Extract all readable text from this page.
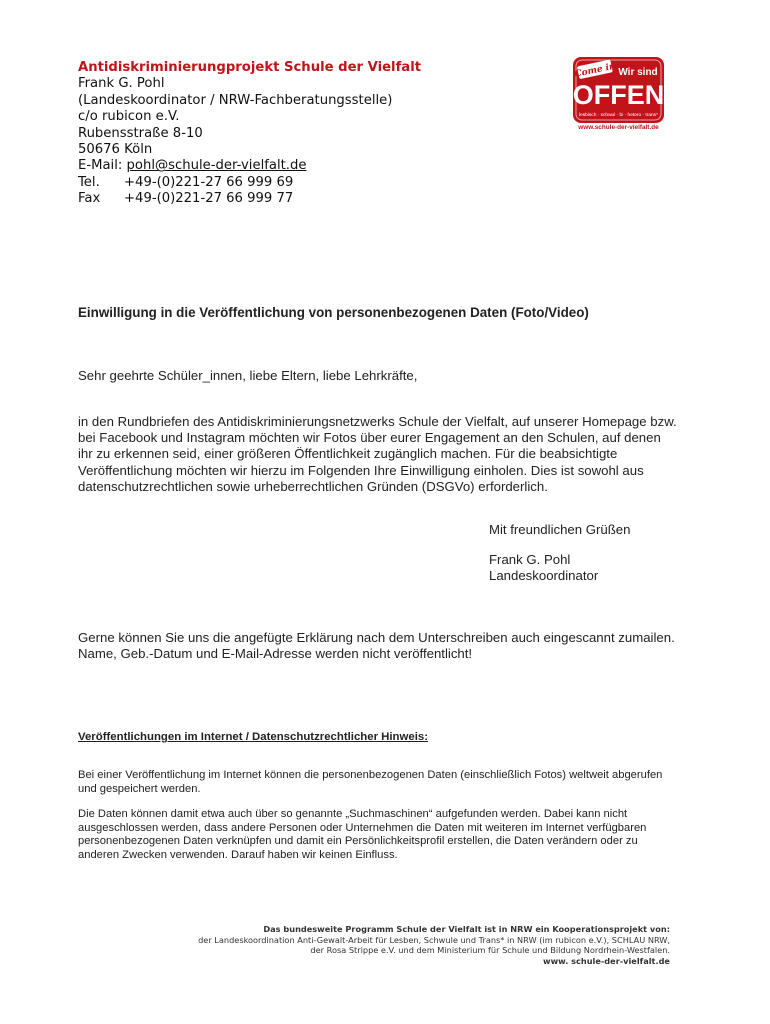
Antidiskriminierungprojekt Schule der Vielfalt
Frank G. Pohl
(Landeskoordinator / NRW-Fachberatungsstelle)
c/o rubicon e.V.
Rubensstraße 8-10
50676 Köln
E-Mail: pohl@schule-der-vielfalt.de
Tel. +49-(0)221-27 66 999 69
Fax +49-(0)221-27 66 999 77
Come in Wir sind
OFFEN
lesbisch · schwul · bi · hetero · trans*
www.schule-der-vielfalt.de
Einwilligung in die Veröffentlichung von personenbezogenen Daten (Foto/Video)
Sehr geehrte Schüler_innen, liebe Eltern, liebe Lehrkräfte,
in den Rundbriefen des Antidiskriminierungsnetzwerks Schule der Vielfalt, auf unserer Homepage bzw. bei Facebook und Instagram möchten wir Fotos über eurer Engagement an den Schulen, auf denen ihr zu erkennen seid, einer größeren Öffentlichkeit zugänglich machen. Für die beabsichtigte Veröffentlichung möchten wir hierzu im Folgenden Ihre Einwilligung einholen. Dies ist sowohl aus datenschutzrechtlichen sowie urheberrechtlichen Gründen (DSGVo) erforderlich.
Mit freundlichen Grüßen
Frank G. Pohl
Landeskoordinator
Gerne können Sie uns die angefügte Erklärung nach dem Unterschreiben auch eingescannt zumailen. Name, Geb.-Datum und E-Mail-Adresse werden nicht veröffentlicht!
Veröffentlichungen im Internet / Datenschutzrechtlicher Hinweis:
Bei einer Veröffentlichung im Internet können die personenbezogenen Daten (einschließlich Fotos) weltweit abgerufen und gespeichert werden.
Die Daten können damit etwa auch über so genannte „Suchmaschinen“ aufgefunden werden. Dabei kann nicht ausgeschlossen werden, dass andere Personen oder Unternehmen die Daten mit weiteren im Internet verfügbaren personenbezogenen Daten verknüpfen und damit ein Persönlichkeitsprofil erstellen, die Daten verändern oder zu anderen Zwecken verwenden. Darauf haben wir keinen Einfluss.
Das bundesweite Programm Schule der Vielfalt ist in NRW ein Kooperationsprojekt von:
der Landeskoordination Anti-Gewalt-Arbeit für Lesben, Schwule und Trans* in NRW (im rubicon e.V.), SCHLAU NRW,
der Rosa Strippe e.V. und dem Ministerium für Schule und Bildung Nordrhein-Westfalen.
www. schule-der-vielfalt.de
